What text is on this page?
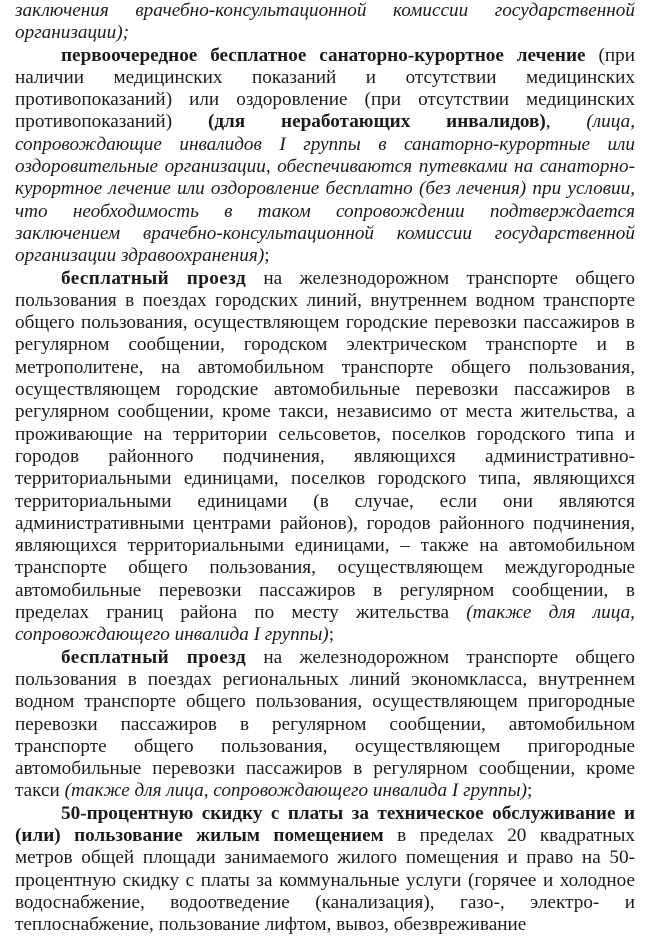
заключения врачебно-консультационной комиссии государственной организации);

первоочередное бесплатное санаторно-курортное лечение (при наличии медицинских показаний и отсутствии медицинских противопоказаний) или оздоровление (при отсутствии медицинских противопоказаний) (для неработающих инвалидов), (лица, сопровождающие инвалидов I группы в санаторно-курортные или оздоровительные организации, обеспечиваются путевками на санаторно-курортное лечение или оздоровление бесплатно (без лечения) при условии, что необходимость в таком сопровождении подтверждается заключением врачебно-консультационной комиссии государственной организации здравоохранения);

бесплатный проезд на железнодорожном транспорте общего пользования в поездах городских линий, внутреннем водном транспорте общего пользования, осуществляющем городские перевозки пассажиров в регулярном сообщении, городском электрическом транспорте и в метрополитене, на автомобильном транспорте общего пользования, осуществляющем городские автомобильные перевозки пассажиров в регулярном сообщении, кроме такси, независимо от места жительства, а проживающие на территории сельсоветов, поселков городского типа и городов районного подчинения, являющихся административно-территориальными единицами, поселков городского типа, являющихся территориальными единицами (в случае, если они являются административными центрами районов), городов районного подчинения, являющихся территориальными единицами, – также на автомобильном транспорте общего пользования, осуществляющем междугородные автомобильные перевозки пассажиров в регулярном сообщении, в пределах границ района по месту жительства (также для лица, сопровождающего инвалида I группы);

бесплатный проезд на железнодорожном транспорте общего пользования в поездах региональных линий экономкласса, внутреннем водном транспорте общего пользования, осуществляющем пригородные перевозки пассажиров в регулярном сообщении, автомобильном транспорте общего пользования, осуществляющем пригородные автомобильные перевозки пассажиров в регулярном сообщении, кроме такси (также для лица, сопровождающего инвалида I группы);

50-процентную скидку с платы за техническое обслуживание и (или) пользование жилым помещением в пределах 20 квадратных метров общей площади занимаемого жилого помещения и право на 50-процентную скидку с платы за коммунальные услуги (горячее и холодное водоснабжение, водоотведение (канализация), газо-, электро- и теплоснабжение, пользование лифтом, вывоз, обезвреживание
